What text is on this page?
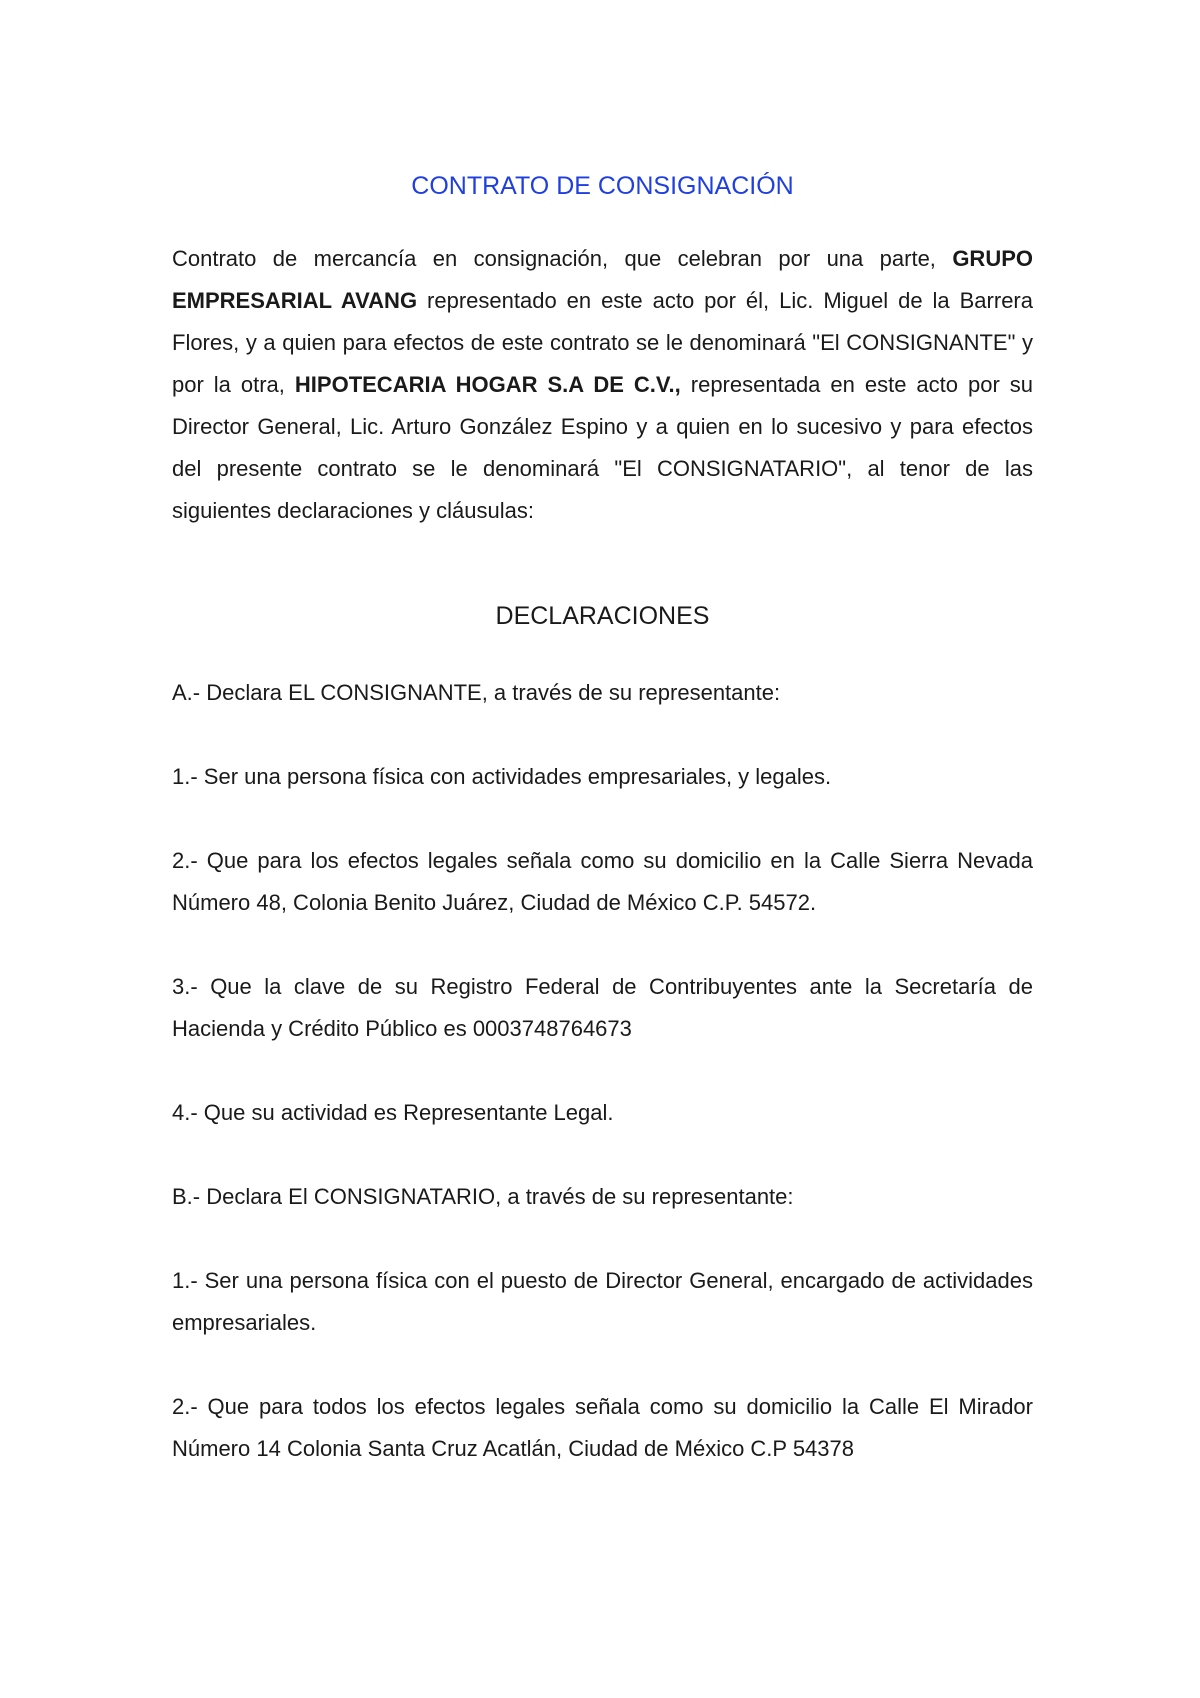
CONTRATO DE CONSIGNACIÓN

Contrato de mercancía en consignación, que celebran por una parte, GRUPO EMPRESARIAL AVANG representado en este acto por él, Lic. Miguel de la Barrera Flores, y a quien para efectos de este contrato se le denominará "El CONSIGNANTE" y por la otra, HIPOTECARIA HOGAR S.A DE C.V., representada en este acto por su Director General, Lic. Arturo González Espino y a quien en lo sucesivo y para efectos del presente contrato se le denominará "El CONSIGNATARIO", al tenor de las siguientes declaraciones y cláusulas:

DECLARACIONES

A.- Declara EL CONSIGNANTE, a través de su representante:

1.- Ser una persona física con actividades empresariales, y legales.

2.- Que para los efectos legales señala como su domicilio en la Calle Sierra Nevada Número 48, Colonia Benito Juárez, Ciudad de México C.P. 54572.

3.- Que la clave de su Registro Federal de Contribuyentes ante la Secretaría de Hacienda y Crédito Público es 0003748764673

4.- Que su actividad es Representante Legal.

B.- Declara El CONSIGNATARIO, a través de su representante:

1.- Ser una persona física con el puesto de Director General, encargado de actividades empresariales.

2.- Que para todos los efectos legales señala como su domicilio la Calle El Mirador Número 14 Colonia Santa Cruz Acatlán, Ciudad de México C.P 54378
